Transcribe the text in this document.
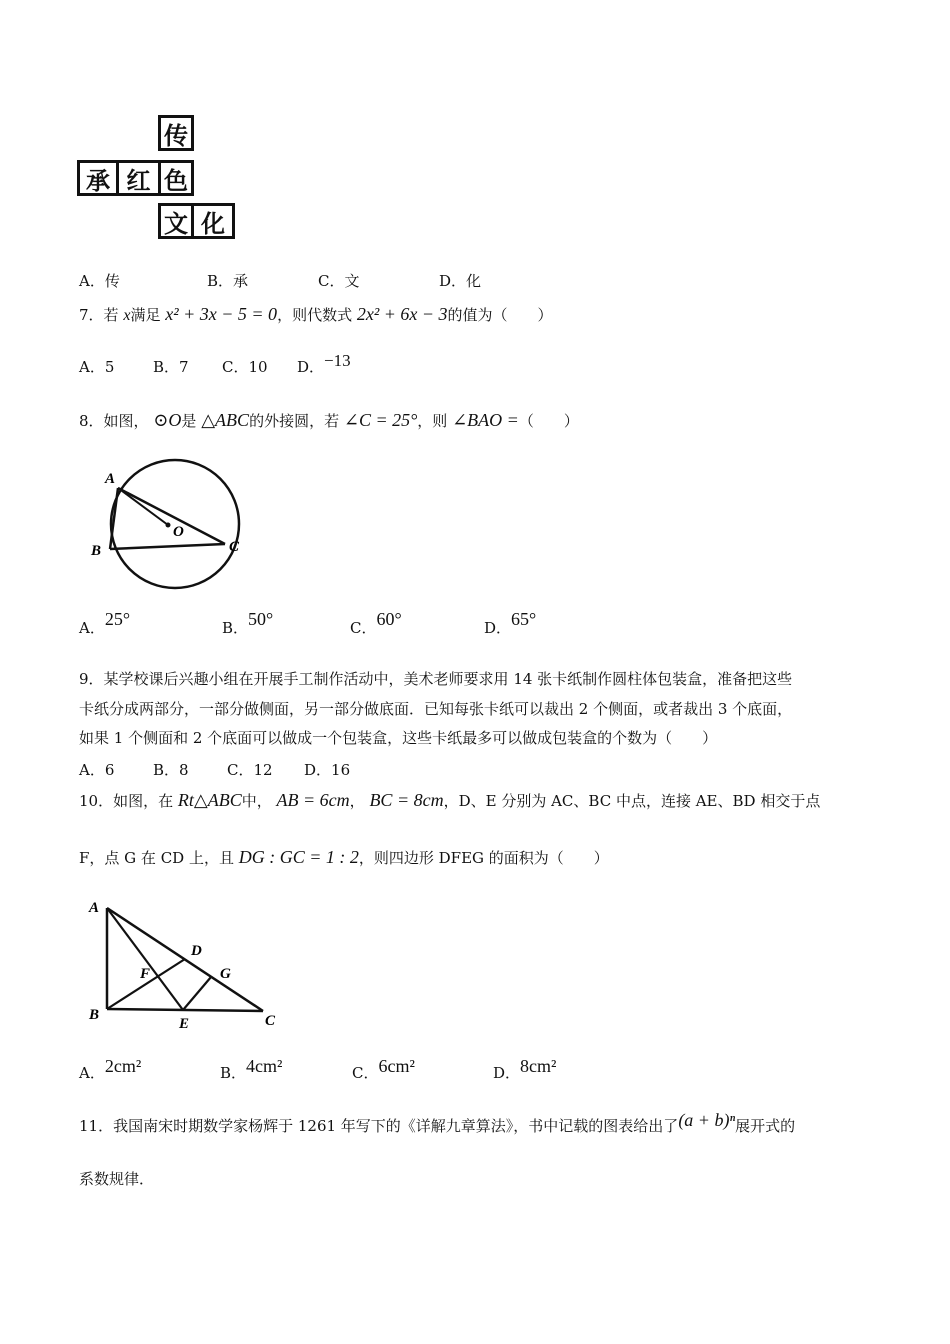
传
承 红 色
文 化
A．传	B．承	C．文	D．化
7．若 x满足 x² + 3x − 5 = 0，则代数式 2x² + 6x − 3的值为（　　）
A．5	B．7 C．10 D．−13
8．如图， ⊙O是 △ABC的外接圆，若 ∠C = 25°，则 ∠BAO =（　　）
A
B	C
O
A．25°	B．50°	C．60°	D．65°
9．某学校课后兴趣小组在开展手工制作活动中，美术老师要求用 14 张卡纸制作圆柱体包装盒，准备把这些
卡纸分成两部分，一部分做侧面，另一部分做底面．已知每张卡纸可以裁出 2 个侧面，或者裁出 3 个底面，
如果 1 个侧面和 2 个底面可以做成一个包装盒，这些卡纸最多可以做成包装盒的个数为（　　）
A．6	B．8	C．12 D．16
10．如图，在 Rt△ABC中， AB = 6cm， BC = 8cm，D、E 分别为 AC、BC 中点，连接 AE、BD 相交于点
F，点 G 在 CD 上，且 DG : GC = 1 : 2，则四边形 DFEG 的面积为（　　）
A
B	C
D
E
F	G
A．2cm²	B．4cm²	C．6cm²	D．8cm²
11．我国南宋时期数学家杨辉于 1261 年写下的《详解九章算法》，书中记载的图表给出了(a + b)ⁿ展开式的
系数规律．
